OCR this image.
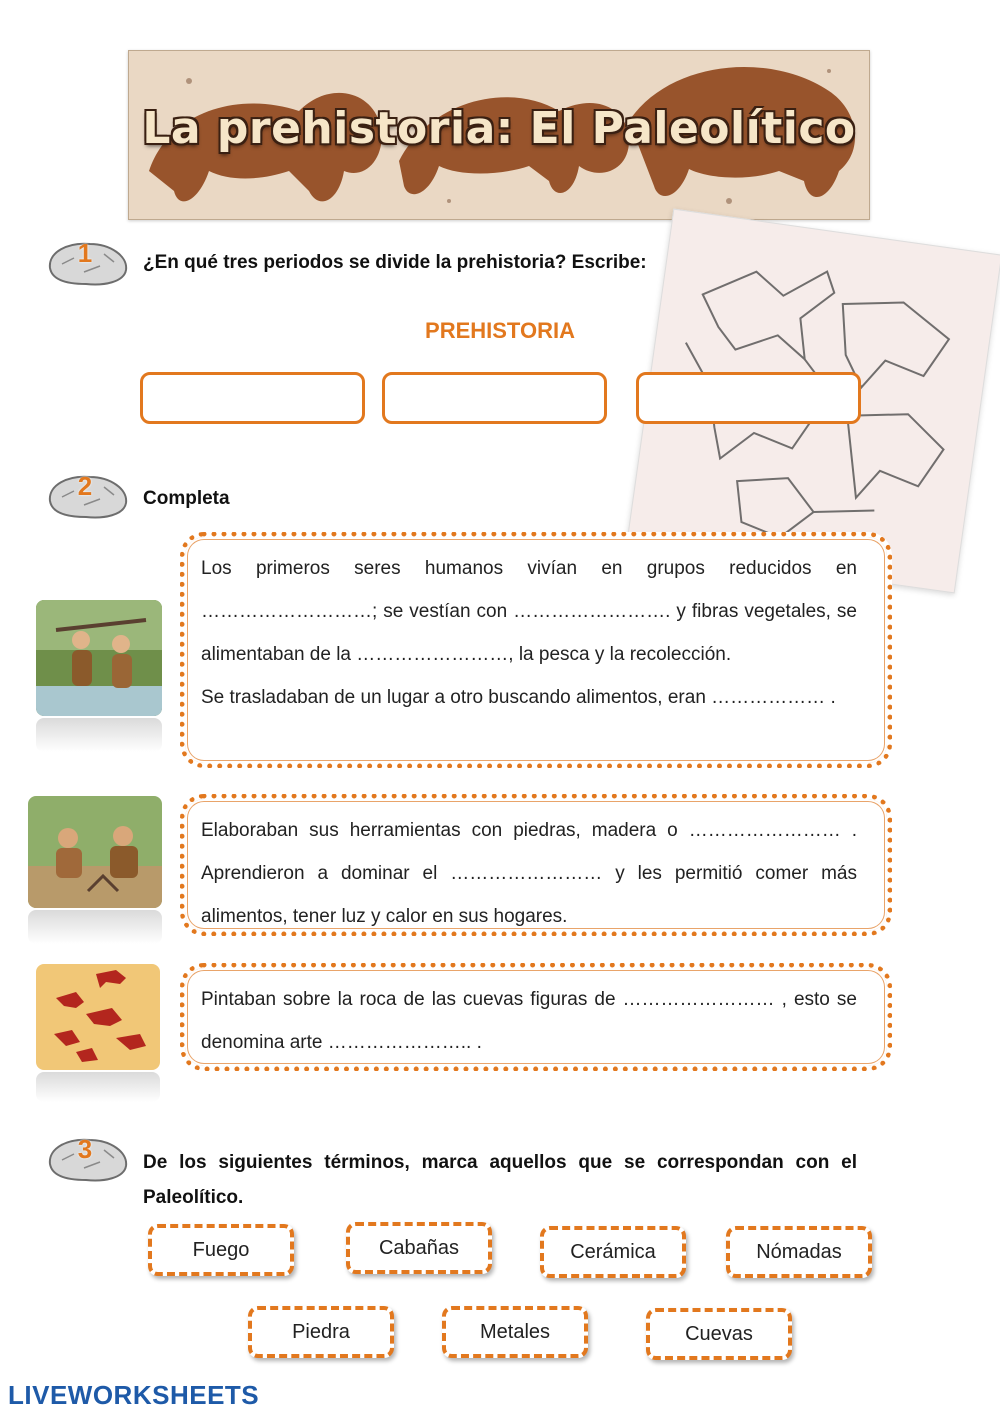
La prehistoria: El Paleolítico
1	¿En qué tres periodos se divide la prehistoria? Escribe:
PREHISTORIA
2	Completa

Los primeros seres humanos vivían en grupos reducidos en ………………………; se vestían con ……………………. y fibras vegetales, se alimentaban de la ……………………, la pesca y la recolección.

Se trasladaban de un lugar a otro buscando alimentos, eran ……………… .

Elaboraban sus herramientas con piedras, madera o …………………… . Aprendieron a dominar el …………………… y les permitió comer más alimentos, tener luz y calor en sus hogares.

Pintaban sobre la roca de las cuevas figuras de …………………… , esto se denomina arte ………………….. .

3	De los siguientes términos, marca aquellos que se correspondan con el Paleolítico.
Fuego	Cabañas	Cerámica	Nómadas
Piedra	Metales	Cuevas
LIVEWORKSHEETS
